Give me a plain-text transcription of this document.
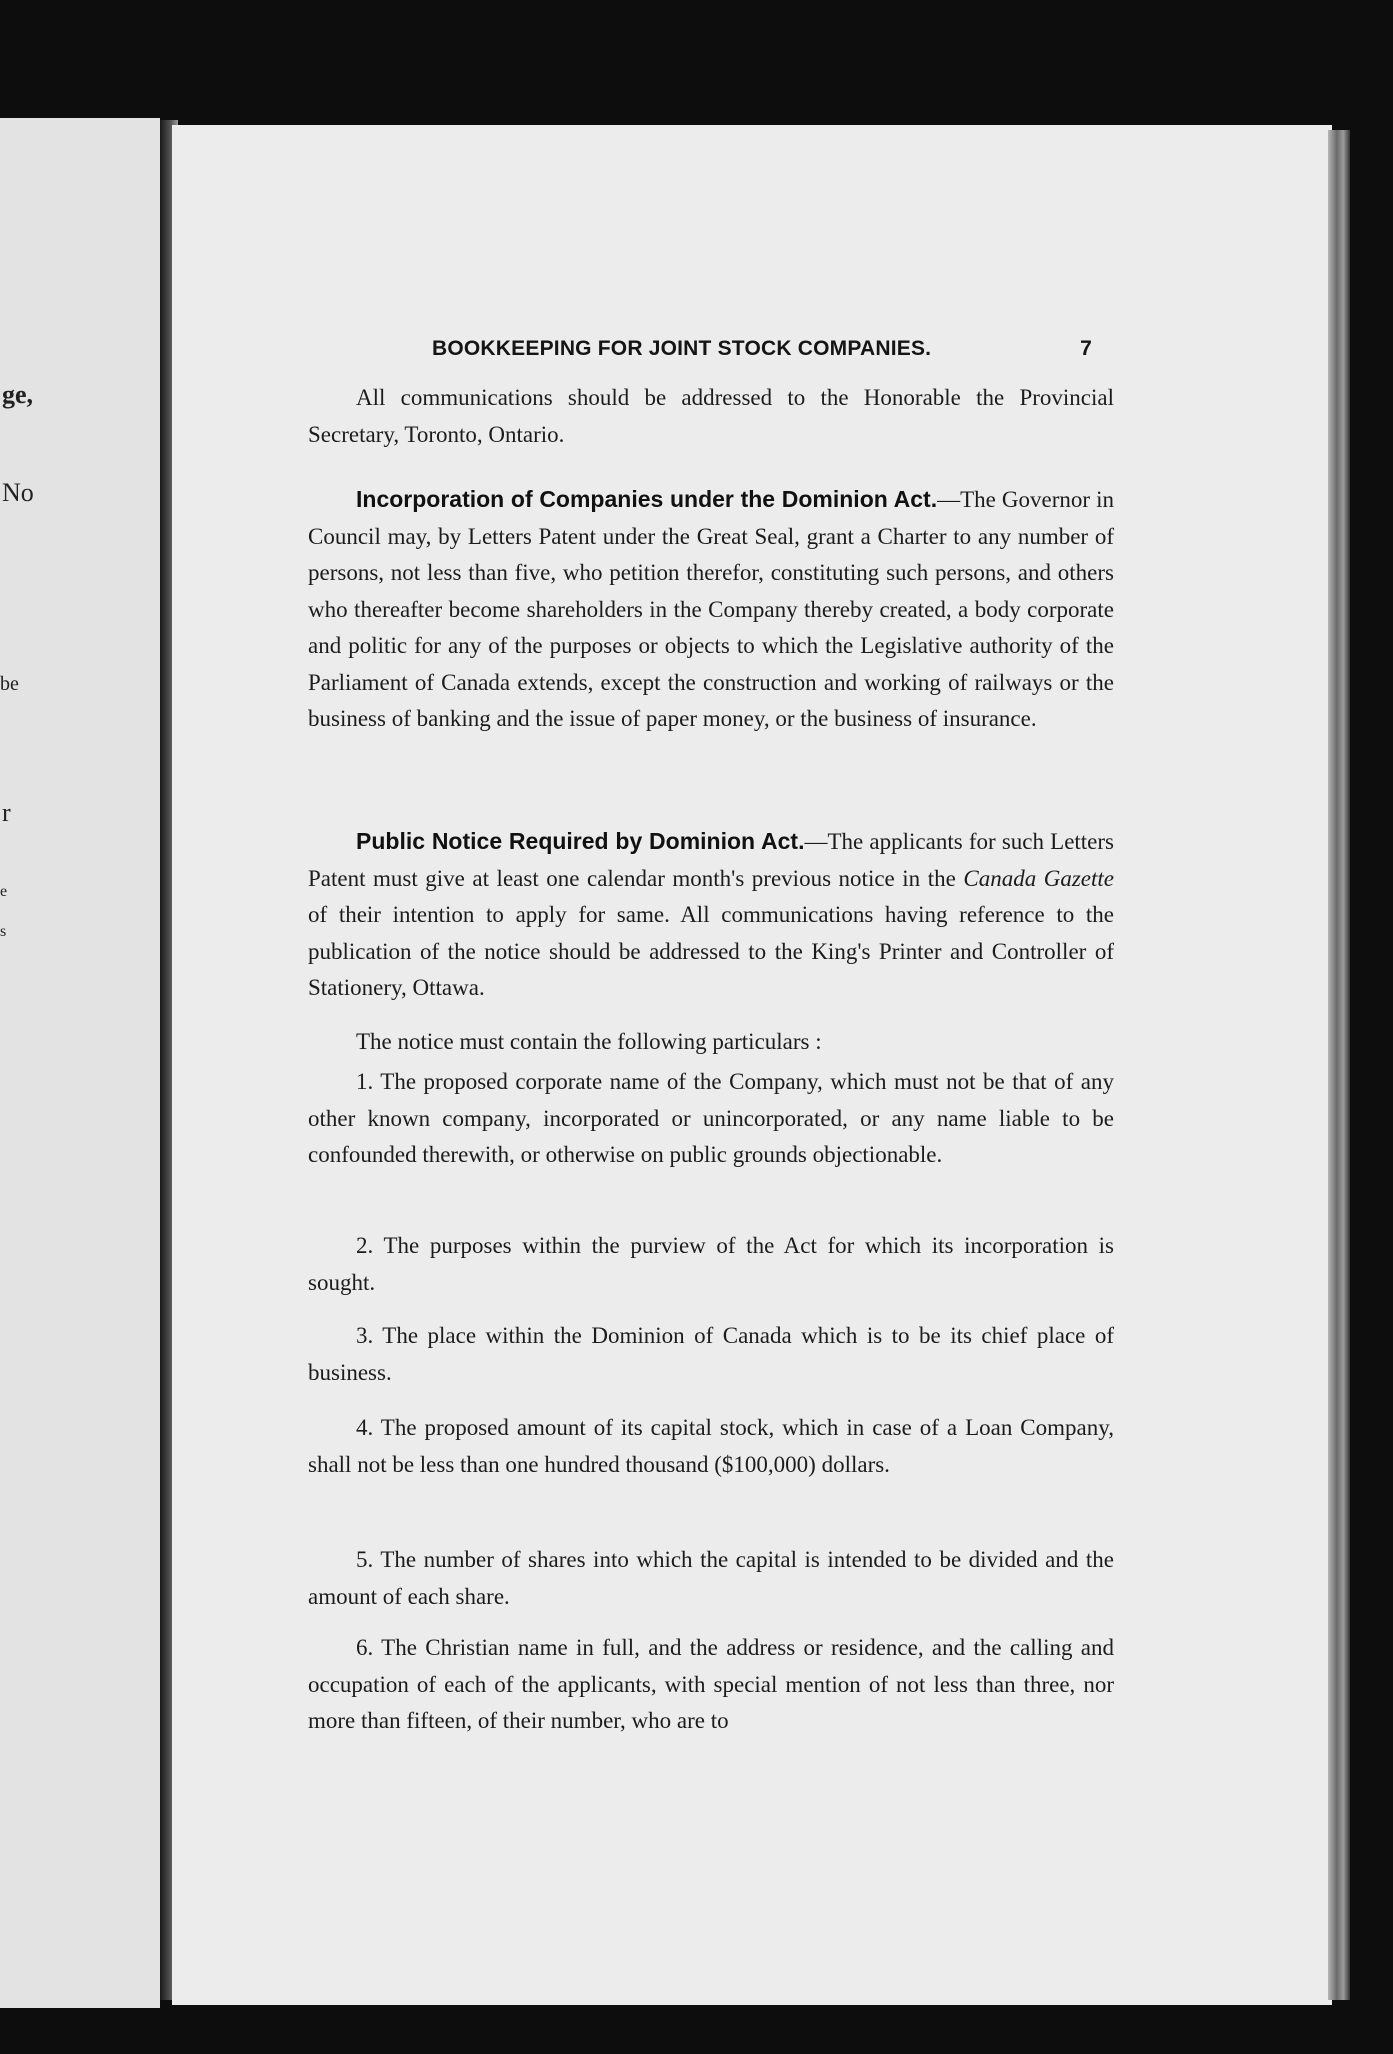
ge,
No
be
r
e
s
BOOKKEEPING FOR JOINT STOCK COMPANIES.	7
All communications should be addressed to the Honorable the Provincial Secretary, Toronto, Ontario.
Incorporation of Companies under the Dominion Act.—The Governor in Council may, by Letters Patent under the Great Seal, grant a Charter to any number of persons, not less than five, who petition therefor, constituting such persons, and others who thereafter become shareholders in the Company thereby created, a body corporate and politic for any of the purposes or objects to which the Legislative authority of the Parliament of Canada extends, except the construction and working of railways or the business of banking and the issue of paper money, or the business of insurance.
Public Notice Required by Dominion Act.—The applicants for such Letters Patent must give at least one calendar month's previous notice in the Canada Gazette of their intention to apply for same. All communications having reference to the publication of the notice should be addressed to the King's Printer and Controller of Stationery, Ottawa.
The notice must contain the following particulars :
1. The proposed corporate name of the Company, which must not be that of any other known company, incorporated or unincorporated, or any name liable to be confounded therewith, or otherwise on public grounds objectionable.
2. The purposes within the purview of the Act for which its incorporation is sought.
3. The place within the Dominion of Canada which is to be its chief place of business.
4. The proposed amount of its capital stock, which in case of a Loan Company, shall not be less than one hundred thousand ($100,000) dollars.
5. The number of shares into which the capital is intended to be divided and the amount of each share.
6. The Christian name in full, and the address or residence, and the calling and occupation of each of the applicants, with special mention of not less than three, nor more than fifteen, of their number, who are to
